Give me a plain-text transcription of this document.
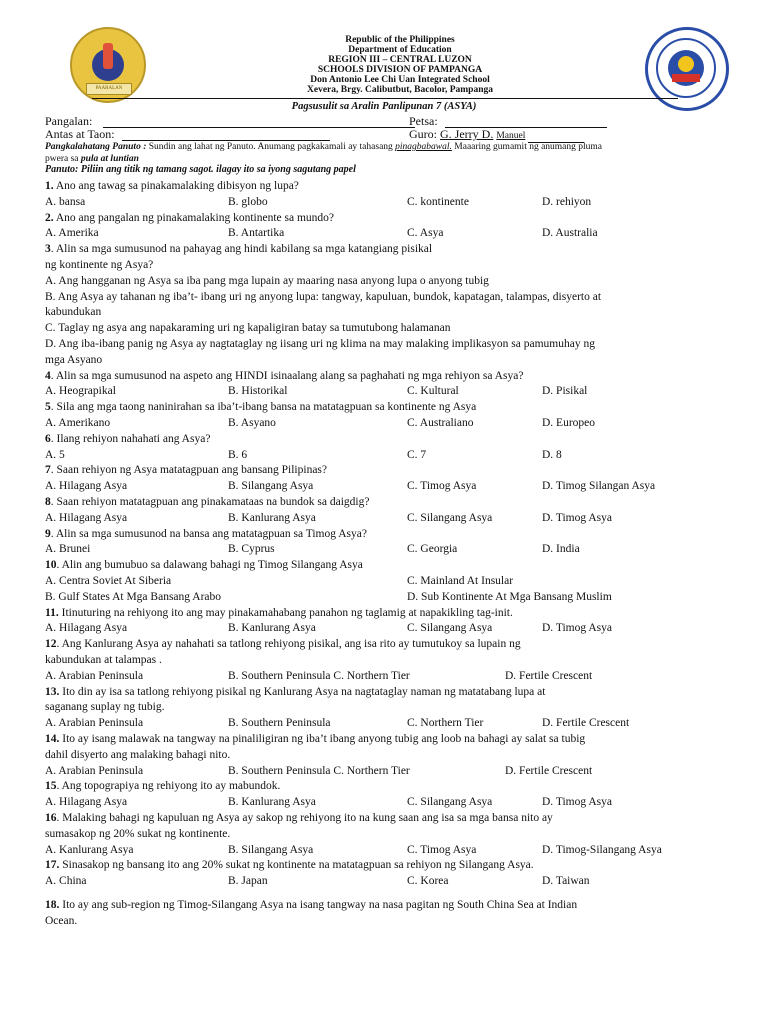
PAARALAN
Republic of the Philippines
Department of Education
REGION III – CENTRAL LUZON
SCHOOLS DIVISION OF PAMPANGA
Don Antonio Lee Chi Uan Integrated School
Xevera, Brgy. Calibutbut, Bacolor, Pampanga
Pagsusulit sa Aralin Panlipunan 7 (ASYA)
Pangalan:	Petsa:
Antas at Taon:	Guro: G. Jerry D. Manuel
Pangkalahatang Panuto : Sundin ang lahat ng Panuto. Anumang pagkakamali ay tahasang pinagbabawal. Maaaring gumamit ng anumang pluma
pwera sa pula at luntian
Panuto: Piliin ang titik ng tamang sagot. ilagay ito sa iyong sagutang papel
1. Ano ang tawag sa pinakamalaking dibisyon ng lupa?
A. bansa	B. globo	C. kontinente	D. rehiyon
2. Ano ang pangalan ng pinakamalaking kontinente sa mundo?
A. Amerika	B. Antartika	C. Asya	D. Australia
3. Alin sa mga sumusunod na pahayag ang hindi kabilang sa mga katangiang pisikal
ng kontinente ng Asya?
A. Ang hangganan ng Asya sa iba pang mga lupain ay maaring nasa anyong lupa o anyong tubig
B. Ang Asya ay tahanan ng iba’t- ibang uri ng anyong lupa: tangway, kapuluan, bundok, kapatagan, talampas, disyerto at
kabundukan
C. Taglay ng asya ang napakaraming uri ng kapaligiran batay sa tumutubong halamanan
D. Ang iba-ibang panig ng Asya ay nagtataglay ng iisang uri ng klima na may malaking implikasyon sa pamumuhay ng
mga Asyano
4. Alin sa mga sumusunod na aspeto ang HINDI isinaalang alang sa paghahati ng mga rehiyon sa Asya?
A. Heograpikal	B. Historikal	C. Kultural	D. Pisikal
5. Sila ang mga taong naninirahan sa iba’t-ibang bansa na matatagpuan sa kontinente ng Asya
A. Amerikano	B. Asyano	C. Australiano	D. Europeo
6. Ilang rehiyon nahahati ang Asya?
A. 5	B. 6	C. 7	D. 8
7. Saan rehiyon ng Asya matatagpuan ang bansang Pilipinas?
A. Hilagang Asya	B. Silangang Asya	C. Timog Asya	D. Timog Silangan Asya
8. Saan rehiyon matatagpuan ang pinakamataas na bundok sa daigdig?
A. Hilagang Asya	B. Kanlurang Asya	C. Silangang Asya	D. Timog Asya
9. Alin sa mga sumusunod na bansa ang matatagpuan sa Timog Asya?
A. Brunei	B. Cyprus	C. Georgia	D. India
10. Alin ang bumubuo sa dalawang bahagi ng Timog Silangang Asya
A. Centra Soviet At Siberia	C. Mainland At Insular
B. Gulf States At Mga Bansang Arabo	D. Sub Kontinente At Mga Bansang Muslim
11. Itinuturing na rehiyong ito ang may pinakamahabang panahon ng taglamig at napakikling tag-init.
A. Hilagang Asya	B. Kanlurang Asya	C. Silangang Asya	D. Timog Asya
12. Ang Kanlurang Asya ay nahahati sa tatlong rehiyong pisikal, ang isa rito ay tumutukoy sa lupain ng
kabundukan at talampas .
A. Arabian Peninsula	B. Southern Peninsula C. Northern Tier	D. Fertile Crescent
13. Ito din ay isa sa tatlong rehiyong pisikal ng Kanlurang Asya na nagtataglay naman ng matatabang lupa at
saganang suplay ng tubig.
A. Arabian Peninsula	B. Southern Peninsula	C. Northern Tier	D. Fertile Crescent
14. Ito ay isang malawak na tangway na pinaliligiran ng iba’t ibang anyong tubig ang loob na bahagi ay salat sa tubig
dahil disyerto ang malaking bahagi nito.
A. Arabian Peninsula	B. Southern Peninsula C. Northern Tier	D. Fertile Crescent
15. Ang topograpiya ng rehiyong ito ay mabundok.
A. Hilagang Asya	B. Kanlurang Asya	C. Silangang Asya	D. Timog Asya
16. Malaking bahagi ng kapuluan ng Asya ay sakop ng rehiyong ito na kung saan ang isa sa mga bansa nito ay
sumasakop ng 20% sukat ng kontinente.
A. Kanlurang Asya	B. Silangang Asya	C. Timog Asya	D. Timog-Silangang Asya
17. Sinasakop ng bansang ito ang 20% sukat ng kontinente na matatagpuan sa rehiyon ng Silangang Asya.
A. China	B. Japan	C. Korea	D. Taiwan
18. Ito ay ang sub-region ng Timog-Silangang Asya na isang tangway na nasa pagitan ng South China Sea at Indian
Ocean.
